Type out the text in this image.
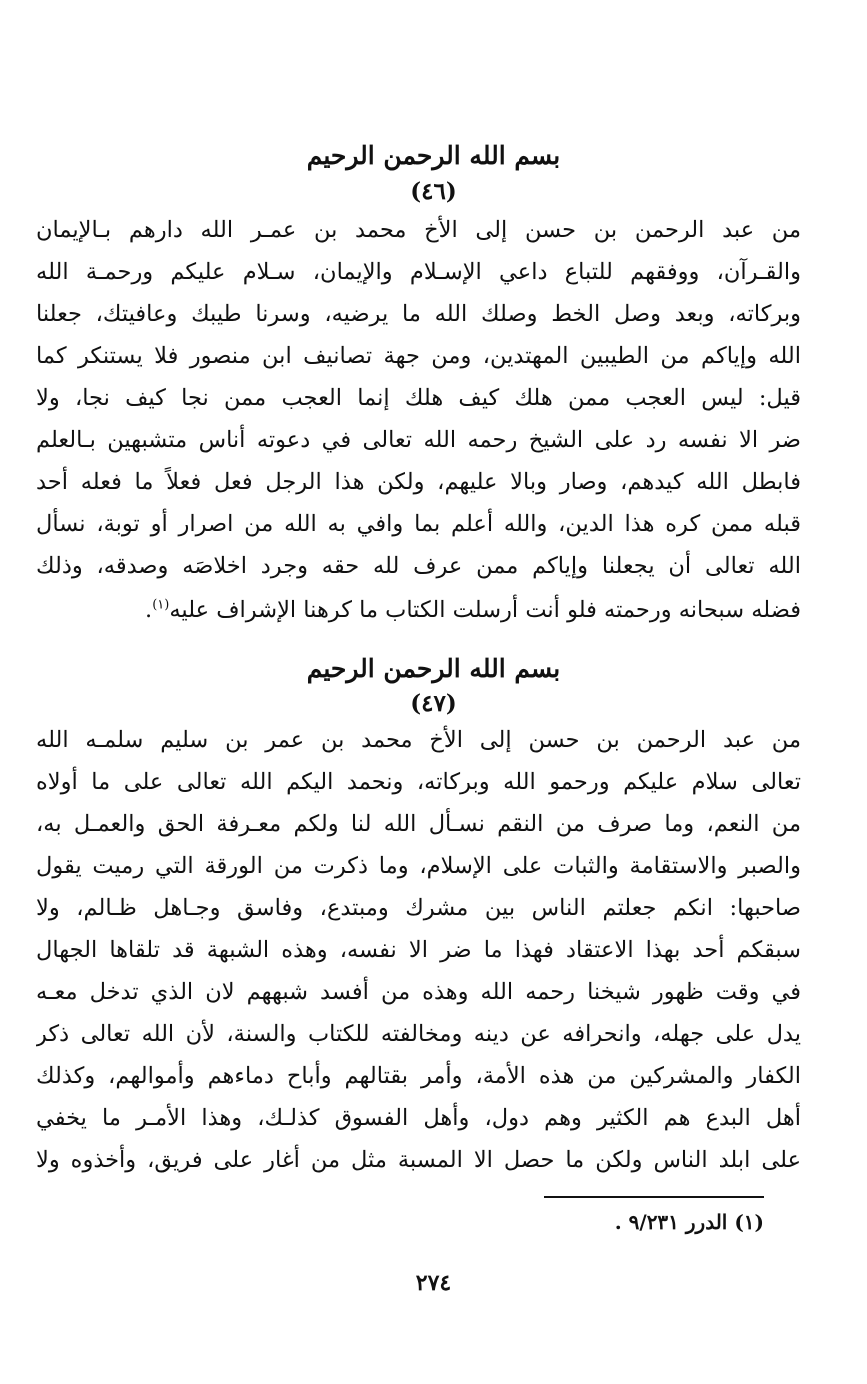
بسم الله الرحمن الرحيم
(٤٦)
من عبد الرحمن بن حسن إلى الأخ محمد بن عمـر الله دارهم بـالإيمان
والقـرآن، ووفقهم للتباع داعي الإسـلام والإيمان، سـلام عليكم ورحمـة الله
وبركاته، وبعد وصل الخط وصلك الله ما يرضيه، وسرنا طيبك وعافيتك، جعلنا
الله وإياكم من الطيبين المهتدين، ومن جهة تصانيف ابن منصور فلا يستنكر كما
قيل: ليس العجب ممن هلك كيف هلك إنما العجب ممن نجا كيف نجا، ولا
ضر الا نفسه رد على الشيخ رحمه الله تعالى في دعوته أناس متشبهين بـالعلم
فابطل الله كيدهم، وصار وبالا عليهم، ولكن هذا الرجل فعل فعلاً ما فعله أحد
قبله ممن كره هذا الدين، والله أعلم بما وافي به الله من اصرار أو توبة، نسأل
الله تعالى أن يجعلنا وإياكم ممن عرف لله حقه وجرد اخلاصَه وصدقه، وذلك
فضله سبحانه ورحمته فلو أنت أرسلت الكتاب ما كرهنا الإشراف عليه$^{(١)}$.
بسم الله الرحمن الرحيم
(٤٧)
من عبد الرحمن بن حسن إلى الأخ محمد بن عمر بن سليم سلمـه الله
تعالى سلام عليكم ورحمو الله وبركاته، ونحمد اليكم الله تعالى على ما أولاه
من النعم، وما صرف من النقم نسـأل الله لنا ولكم معـرفة الحق والعمـل به،
والصبر والاستقامة والثبات على الإسلام، وما ذكرت من الورقة التي رميت يقول
صاحبها: انكم جعلتم الناس بين مشرك ومبتدع، وفاسق وجـاهل ظـالم، ولا
سبقكم أحد بهذا الاعتقاد فهذا ما ضر الا نفسه، وهذه الشبهة قد تلقاها الجهال
في وقت ظهور شيخنا رحمه الله وهذه من أفسد شبههم لان الذي تدخل معـه
يدل على جهله، وانحرافه عن دينه ومخالفته للكتاب والسنة، لأن الله تعالى ذكر
الكفار والمشركين من هذه الأمة، وأمر بقتالهم وأباح دماءهم وأموالهم، وكذلك
أهل البدع هم الكثير وهم دول، وأهل الفسوق كذلـك، وهذا الأمـر ما يخفي
على ابلد الناس ولكن ما حصل الا المسبة مثل من أغار على فريق، وأخذوه ولا
(١) الدرر ٩/٢٣١ .
٢٧٤
